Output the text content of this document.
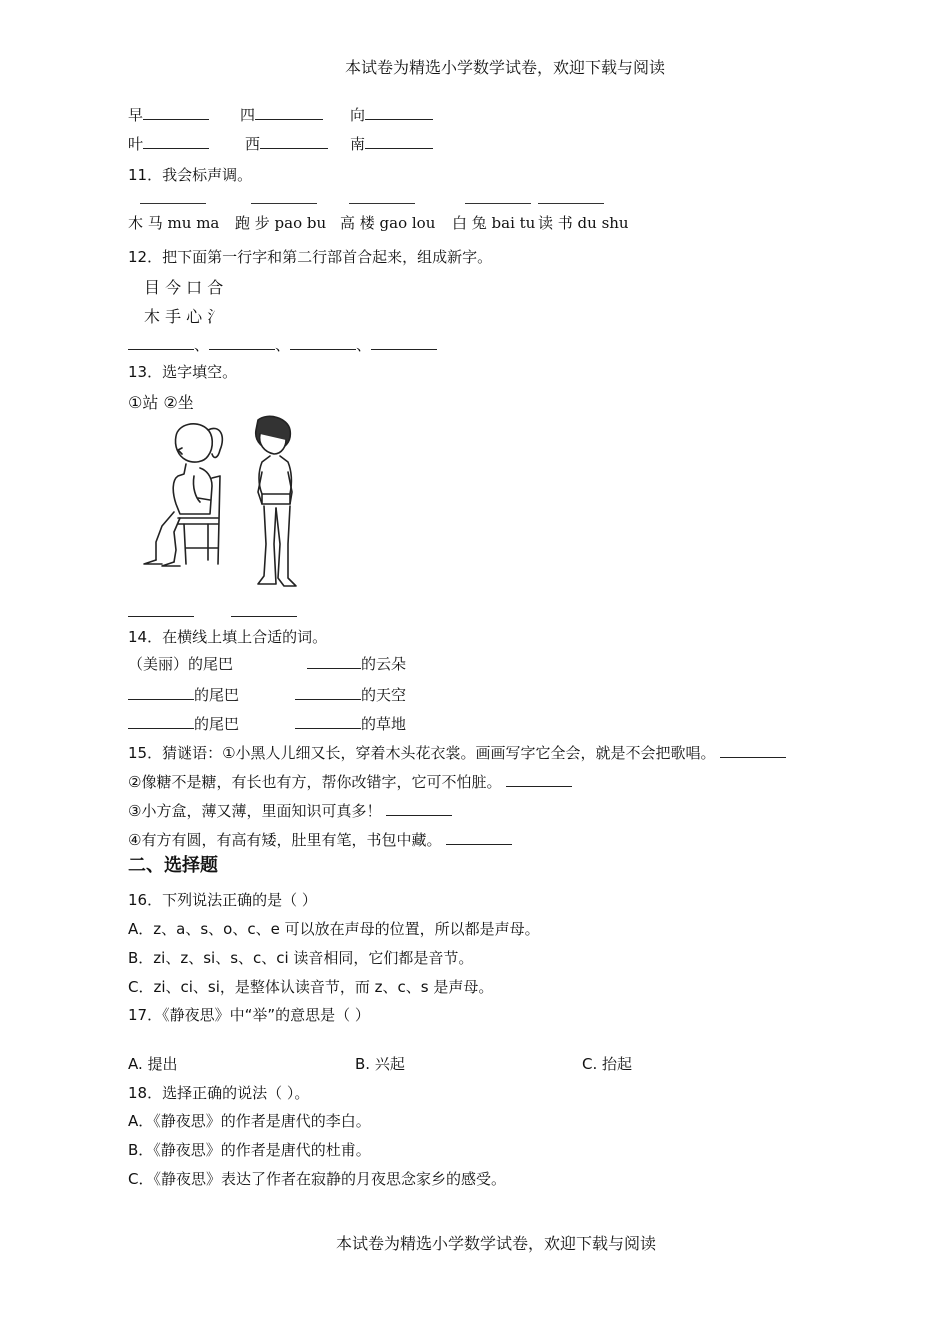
本试卷为精选小学数学试卷，欢迎下载与阅读
早	四	向
叶	西	南
11．我会标声调。
木 马 mu ma 跑 步 pao bu 高 楼 gao lou 白 兔 bai tu 读 书 du shu
12．把下面第一行字和第二行部首合起来，组成新字。
目 今 口 合
木 手 心 氵
、	、	、
13．选字填空。
①站 ②坐
14．在横线上填上合适的词。
（美丽）的尾巴	的云朵
的尾巴	的天空
的尾巴	的草地
15．猜谜语：①小黑人儿细又长，穿着木头花衣裳。画画写字它全会，就是不会把歌唱。
②像糖不是糖，有长也有方，帮你改错字，它可不怕脏。
③小方盒，薄又薄，里面知识可真多！
④有方有圆，有高有矮，肚里有笔，书包中藏。
二、选择题
16．下列说法正确的是（ ）
A．z、a、s、o、c、e 可以放在声母的位置，所以都是声母。
B．zi、z、si、s、c、ci 读音相同，它们都是音节。
C．zi、ci、si，是整体认读音节，而 z、c、s 是声母。
17．《静夜思》中“举”的意思是（ ）
A. 提出	B. 兴起	C. 抬起
18．选择正确的说法（ ）。
A．《静夜思》的作者是唐代的李白。
B．《静夜思》的作者是唐代的杜甫。
C．《静夜思》表达了作者在寂静的月夜思念家乡的感受。
本试卷为精选小学数学试卷，欢迎下载与阅读
